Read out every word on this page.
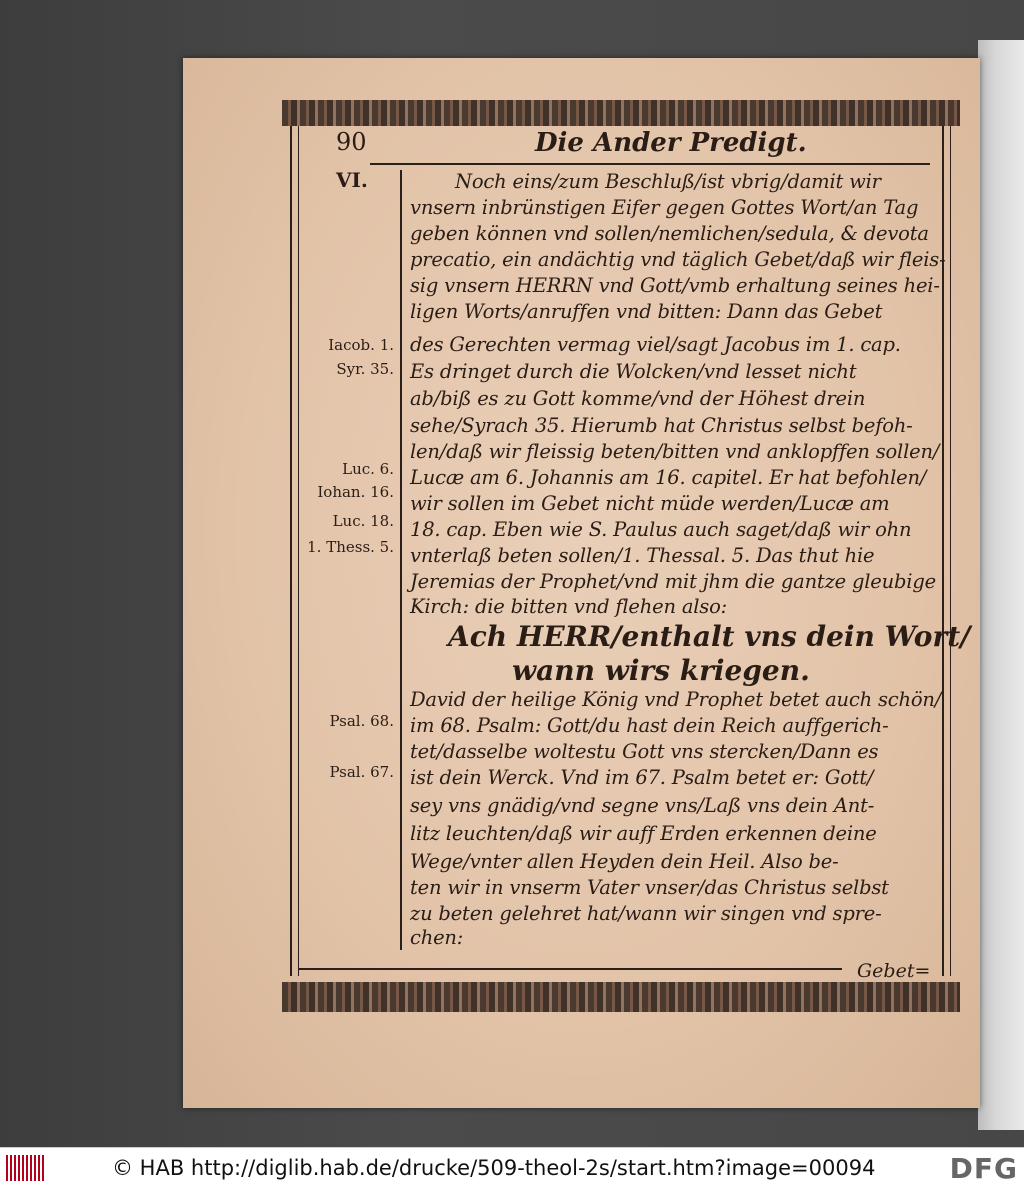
90	Die Ander Predigt.
VI.
Iacob. 1.
Syr. 35.
Luc. 6.
Iohan. 16.
Luc. 18.
1. Thess. 5.
Psal. 68.
Psal. 67.
Noch eins/zum Beschluß/ist vbrig/damit wir
vnsern inbrünstigen Eifer gegen Gottes Wort/an Tag
geben können vnd sollen/nemlichen/sedula, & devota
precatio, ein andächtig vnd täglich Gebet/daß wir fleis-
sig vnsern HERRN vnd Gott/vmb erhaltung seines hei-
ligen Worts/anruffen vnd bitten: Dann das Gebet
des Gerechten vermag viel/sagt Jacobus im 1. cap.
Es dringet durch die Wolcken/vnd lesset nicht
ab/biß es zu Gott komme/vnd der Höhest drein
sehe/Syrach 35. Hierumb hat Christus selbst befoh-
len/daß wir fleissig beten/bitten vnd anklopffen sollen/
Lucæ am 6. Johannis am 16. capitel. Er hat befohlen/
wir sollen im Gebet nicht müde werden/Lucæ am
18. cap. Eben wie S. Paulus auch saget/daß wir ohn
vnterlaß beten sollen/1. Thessal. 5. Das thut hie
Jeremias der Prophet/vnd mit jhm die gantze gleubige
Kirch: die bitten vnd flehen also:
Ach HERR/enthalt vns dein Wort/
wann wirs kriegen.
David der heilige König vnd Prophet betet auch schön/
im 68. Psalm: Gott/du hast dein Reich auffgerich-
tet/dasselbe woltestu Gott vns stercken/Dann es
ist dein Werck. Vnd im 67. Psalm betet er: Gott/
sey vns gnädig/vnd segne vns/Laß vns dein Ant-
litz leuchten/daß wir auff Erden erkennen deine
Wege/vnter allen Heyden dein Heil. Also be-
ten wir in vnserm Vater vnser/das Christus selbst
zu beten gelehret hat/wann wir singen vnd spre-
chen:
Gebet=
© HAB http://diglib.hab.de/drucke/509-theol-2s/start.htm?image=00094	DFG
